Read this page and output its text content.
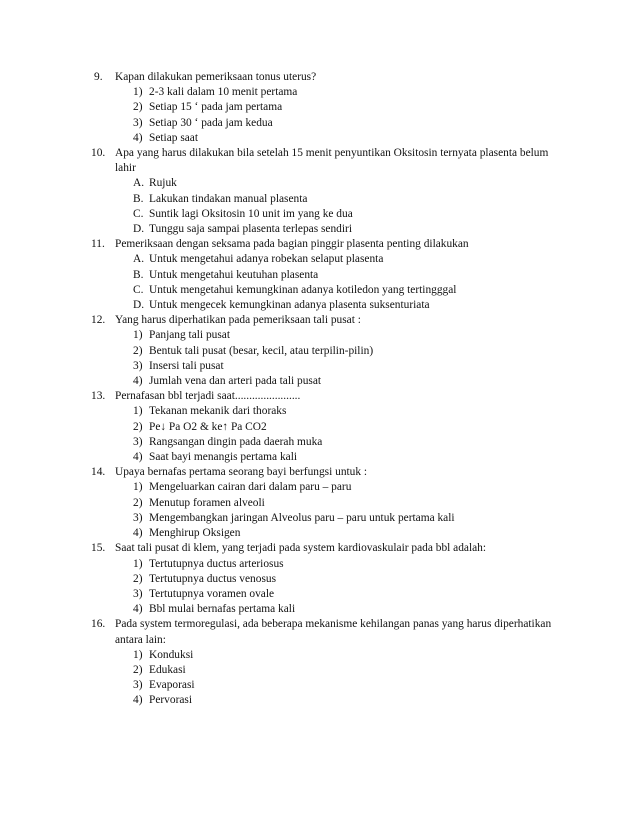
9.	Kapan dilakukan pemeriksaan tonus uterus?
1) 2-3 kali dalam 10 menit pertama
2) Setiap 15 ‘ pada jam pertama
3) Setiap 30 ‘ pada jam kedua
4) Setiap saat
10. Apa yang harus dilakukan bila setelah 15 menit penyuntikan Oksitosin ternyata plasenta belum lahir
A. Rujuk
B. Lakukan tindakan manual plasenta
C. Suntik lagi Oksitosin 10 unit im yang ke dua
D. Tunggu saja sampai plasenta terlepas sendiri
11. Pemeriksaan dengan seksama pada bagian pinggir plasenta penting dilakukan
A. Untuk mengetahui adanya robekan selaput plasenta
B. Untuk mengetahui keutuhan plasenta
C. Untuk mengetahui kemungkinan adanya kotiledon yang tertingggal
D. Untuk mengecek kemungkinan adanya plasenta suksenturiata
12. Yang harus diperhatikan pada pemeriksaan tali pusat :
1) Panjang tali pusat
2) Bentuk tali pusat (besar, kecil, atau terpilin-pilin)
3) Insersi tali pusat
4) Jumlah vena dan arteri pada tali pusat
13. Pernafasan bbl terjadi saat.......................
1) Tekanan mekanik dari thoraks
2) Pe↓ Pa O2 & ke↑ Pa CO2
3) Rangsangan dingin pada daerah muka
4) Saat bayi menangis pertama kali
14. Upaya bernafas pertama seorang bayi berfungsi untuk :
1) Mengeluarkan cairan dari dalam paru – paru
2) Menutup foramen alveoli
3) Mengembangkan jaringan Alveolus paru – paru untuk pertama kali
4) Menghirup Oksigen
15. Saat tali pusat di klem, yang terjadi pada system kardiovaskulair pada bbl adalah:
1) Tertutupnya ductus arteriosus
2) Tertutupnya ductus venosus
3) Tertutupnya voramen ovale
4) Bbl mulai bernafas pertama kali
16. Pada system termoregulasi, ada beberapa mekanisme kehilangan panas yang harus diperhatikan antara lain:
1) Konduksi
2) Edukasi
3) Evaporasi
4) Pervorasi
